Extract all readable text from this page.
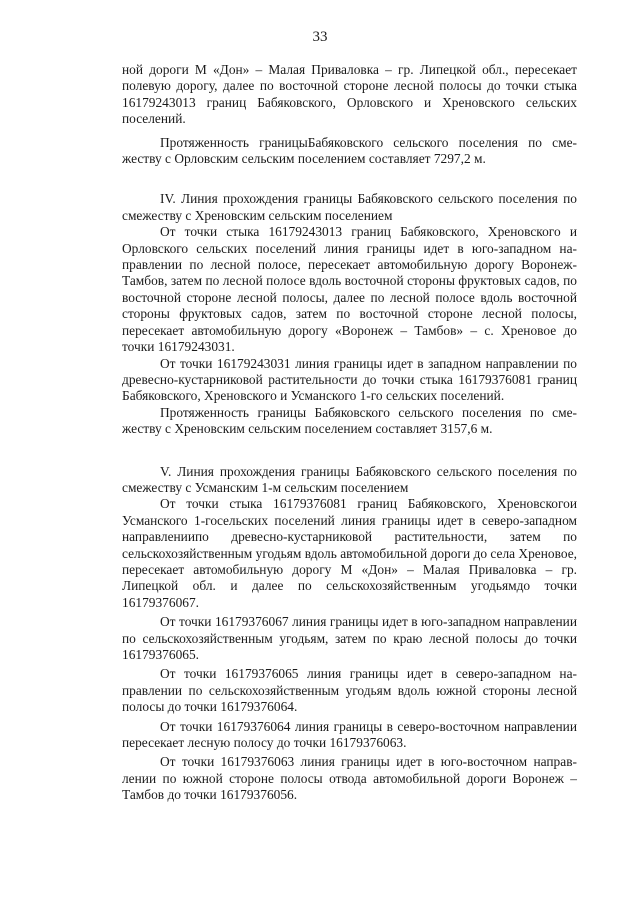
33

ной дороги М «Дон» – Малая Приваловка – гр. Липецкой обл., пересекает полевую дорогу, далее по восточной стороне лесной полосы до точки стыка 16179243013 границ Бабяковского, Орловского и Хреновского сельских поселений.

Протяженность границыБабяковского сельского поселения по смежеству с Орловским сельским поселением составляет 7297,2 м.

IV. Линия прохождения границы Бабяковского сельского поселения по смежеству с Хреновским сельским поселением

От точки стыка 16179243013 границ Бабяковского, Хреновского и Орловского сельских поселений линия границы идет в юго-западном направлении по лесной полосе, пересекает автомобильную дорогу Воронеж-Тамбов, затем по лесной полосе вдоль восточной стороны фруктовых садов, по восточной стороне лесной полосы, далее по лесной полосе вдоль восточной стороны фруктовых садов, затем по восточной стороне лесной полосы, пересекает автомобильную дорогу «Воронеж – Тамбов» – с. Хреновое до точки 16179243031.

От точки 16179243031 линия границы идет в западном направлении по древесно-кустарниковой растительности до точки стыка 16179376081 границ Бабяковского, Хреновского и Усманского 1-го сельских поселений.

Протяженность границы Бабяковского сельского поселения по смежеству с Хреновским сельским поселением составляет 3157,6 м.

V. Линия прохождения границы Бабяковского сельского поселения по смежеству с Усманским 1-м сельским поселением

От точки стыка 16179376081 границ Бабяковского, Хреновскогои Усманского 1-гоcельских поселений линия границы идет в северо-западном направлениипо древесно-кустарниковой растительности, затем по сельскохозяйственным угодьям вдоль автомобильной дороги до села Хреновое, пересекает автомобильную дорогу М «Дон» – Малая Приваловка – гр. Липецкой обл. и далее по сельскохозяйственным угодьямдо точки 16179376067.

От точки 16179376067 линия границы идет в юго-западном направлении по сельскохозяйственным угодьям, затем по краю лесной полосы до точки 16179376065.

От точки 16179376065 линия границы идет в северо-западном направлении по сельскохозяйственным угодьям вдоль южной стороны лесной полосы до точки 16179376064.

От точки 16179376064 линия границы в северо-восточном направлении пересекает лесную полосу до точки 16179376063.

От точки 16179376063 линия границы идет в юго-восточном направлении по южной стороне полосы отвода автомобильной дороги Воронеж – Тамбов до точки 16179376056.
